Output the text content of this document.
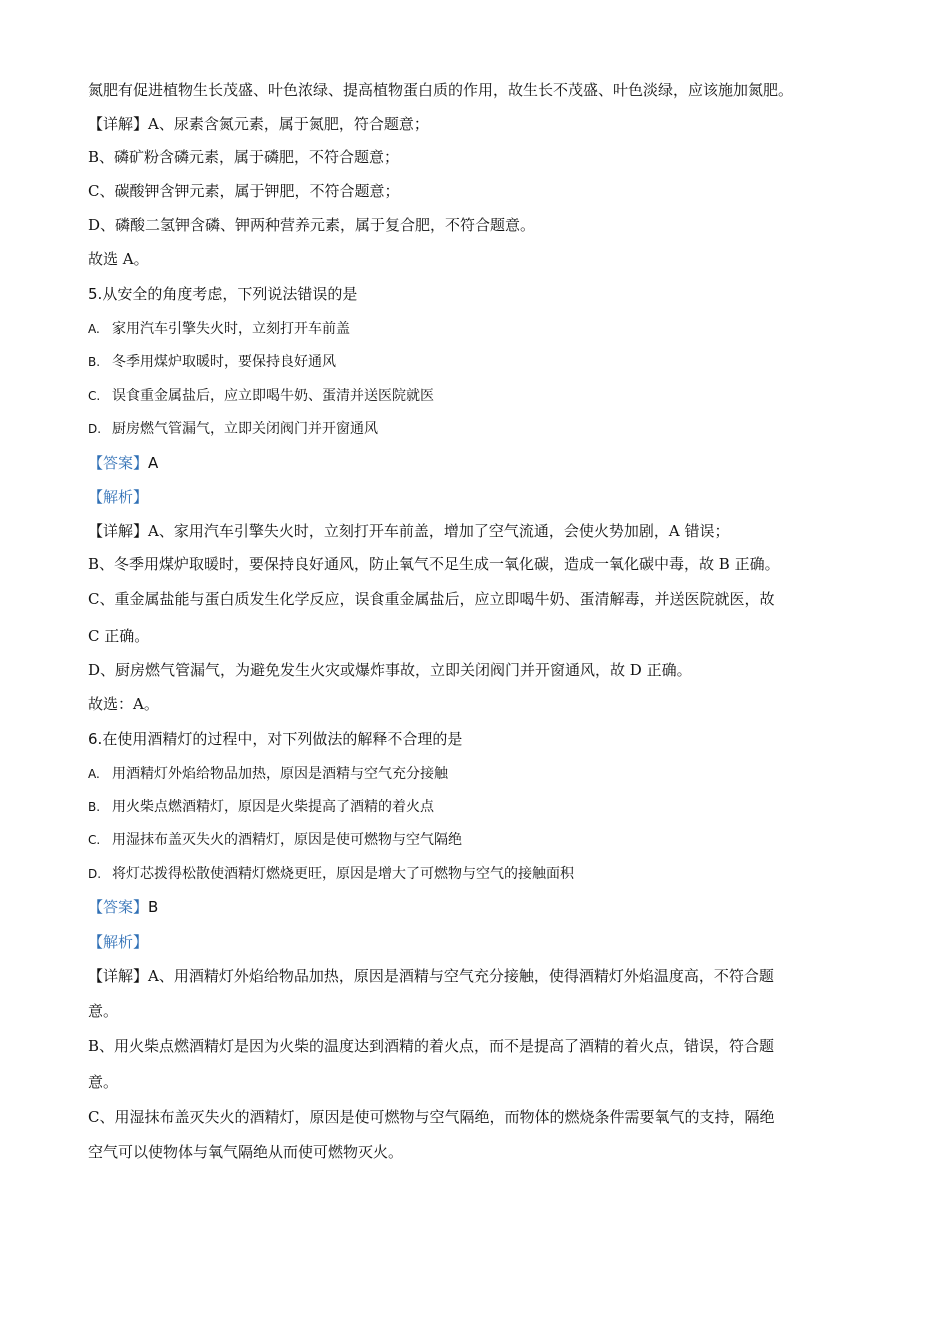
氮肥有促进植物生长茂盛、叶色浓绿、提高植物蛋白质的作用，故生长不茂盛、叶色淡绿，应该施加氮肥。
【详解】A、尿素含氮元素，属于氮肥，符合题意；
B、磷矿粉含磷元素，属于磷肥，不符合题意；
C、碳酸钾含钾元素，属于钾肥，不符合题意；
D、磷酸二氢钾含磷、钾两种营养元素，属于复合肥，不符合题意。
故选 A。
5.从安全的角度考虑，下列说法错误的是
A. 家用汽车引擎失火时，立刻打开车前盖
B. 冬季用煤炉取暖时，要保持良好通风
C. 误食重金属盐后，应立即喝牛奶、蛋清并送医院就医
D. 厨房燃气管漏气，立即关闭阀门并开窗通风
【答案】A
【解析】
【详解】A、家用汽车引擎失火时，立刻打开车前盖，增加了空气流通，会使火势加剧，A 错误；
B、冬季用煤炉取暖时，要保持良好通风，防止氧气不足生成一氧化碳，造成一氧化碳中毒，故 B 正确。
C、重金属盐能与蛋白质发生化学反应，误食重金属盐后，应立即喝牛奶、蛋清解毒，并送医院就医，故
C 正确。
D、厨房燃气管漏气，为避免发生火灾或爆炸事故，立即关闭阀门并开窗通风，故 D 正确。
故选：A。
6.在使用酒精灯的过程中，对下列做法的解释不合理的是
A. 用酒精灯外焰给物品加热，原因是酒精与空气充分接触
B. 用火柴点燃酒精灯，原因是火柴提高了酒精的着火点
C. 用湿抹布盖灭失火的酒精灯，原因是使可燃物与空气隔绝
D. 将灯芯拨得松散使酒精灯燃烧更旺，原因是增大了可燃物与空气的接触面积
【答案】B
【解析】
【详解】A、用酒精灯外焰给物品加热，原因是酒精与空气充分接触，使得酒精灯外焰温度高，不符合题
意。
B、用火柴点燃酒精灯是因为火柴的温度达到酒精的着火点，而不是提高了酒精的着火点，错误，符合题
意。
C、用湿抹布盖灭失火的酒精灯，原因是使可燃物与空气隔绝，而物体的燃烧条件需要氧气的支持，隔绝
空气可以使物体与氧气隔绝从而使可燃物灭火。
